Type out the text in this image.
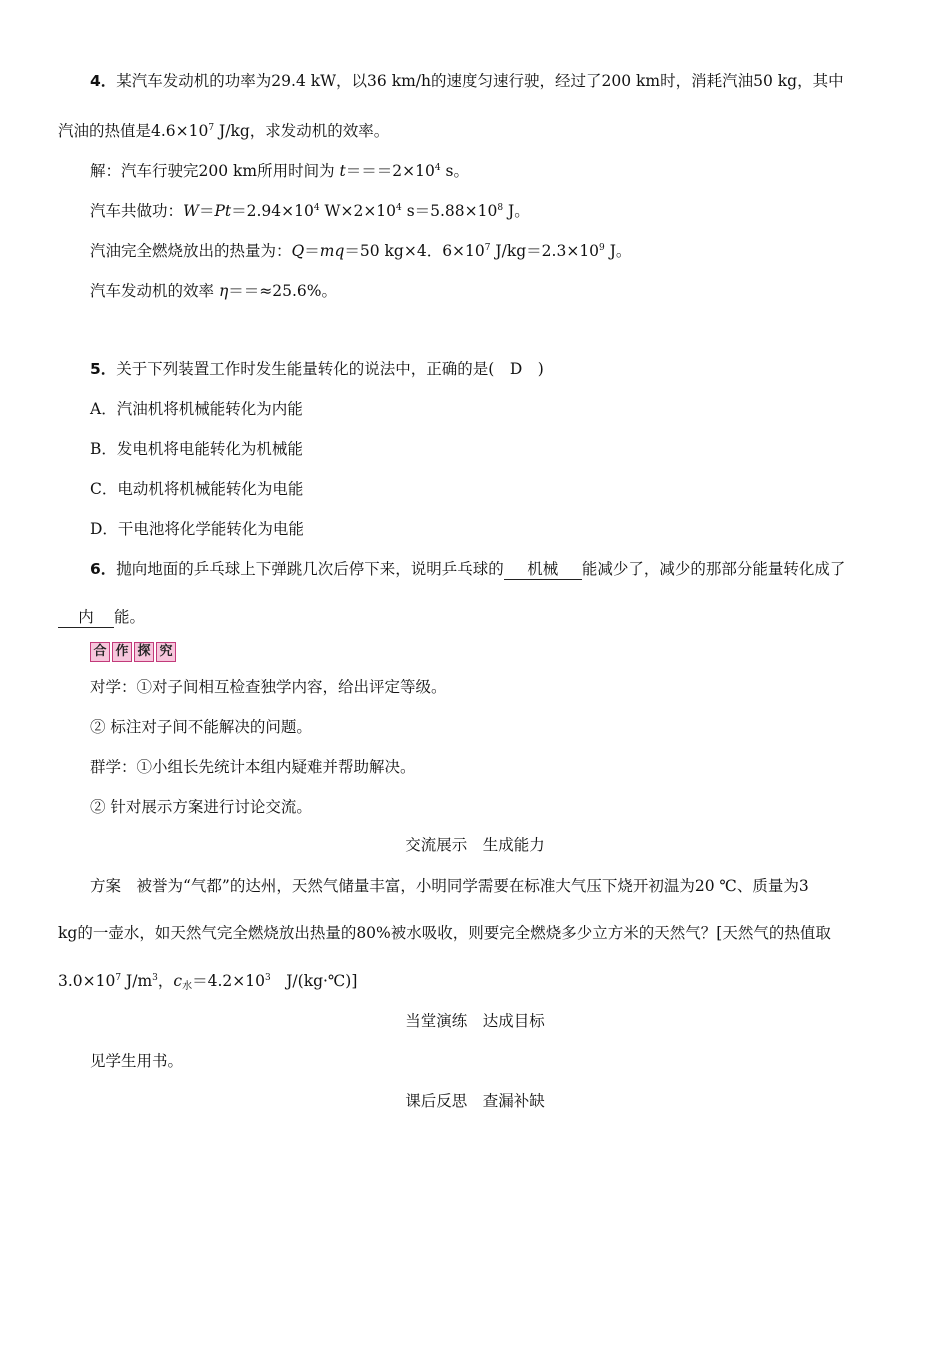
4．某汽车发动机的功率为29.4 kW，以36 km/h的速度匀速行驶，经过了200 km时，消耗汽油50 kg，其中
汽油的热值是$4.6\times 10^7$ J/kg，求发动机的效率。
解：汽车行驶完200 km所用时间为 $t===2\times 10^4$ s。
汽车共做功：$W=Pt=2.94\times 10^4$ $W\times 2\times 10^4$ $s=5.88\times 10^8$ J。
汽油完全燃烧放出的热量为：Q＝mq＝50 kg×4．$6\times 10^7$ $J/kg=2.3\times 10^9$ J。
汽车发动机的效率 η＝＝≈25.6%。
5．关于下列装置工作时发生能量转化的说法中，正确的是(　D　)
A．汽油机将机械能转化为内能
B．发电机将电能转化为机械能
C．电动机将机械能转化为电能
D．干电池将化学能转化为电能
6．抛向地面的乒乓球上下弹跳几次后停下来，说明乒乓球的 机械 能减少了，减少的那部分能量转化成了
内 能。
合 作 探 究
对学：①对子间相互检查独学内容，给出评定等级。
② 标注对子间不能解决的问题。
群学：①小组长先统计本组内疑难并帮助解决。
② 针对展示方案进行讨论交流。
交流展示　生成能力
方案　被誉为“气都”的达州，天然气储量丰富，小明同学需要在标准大气压下烧开初温为20 ℃、质量为3
kg的一壶水，如天然气完全燃烧放出热量的80%被水吸收，则要完全燃烧多少立方米的天然气？[天然气的热值取
$3.0\times 10^7$ $J/m^3$，$c_水=4.2\times 10^3$　J/(kg·℃)]
当堂演练　达成目标
见学生用书。
课后反思　查漏补缺
